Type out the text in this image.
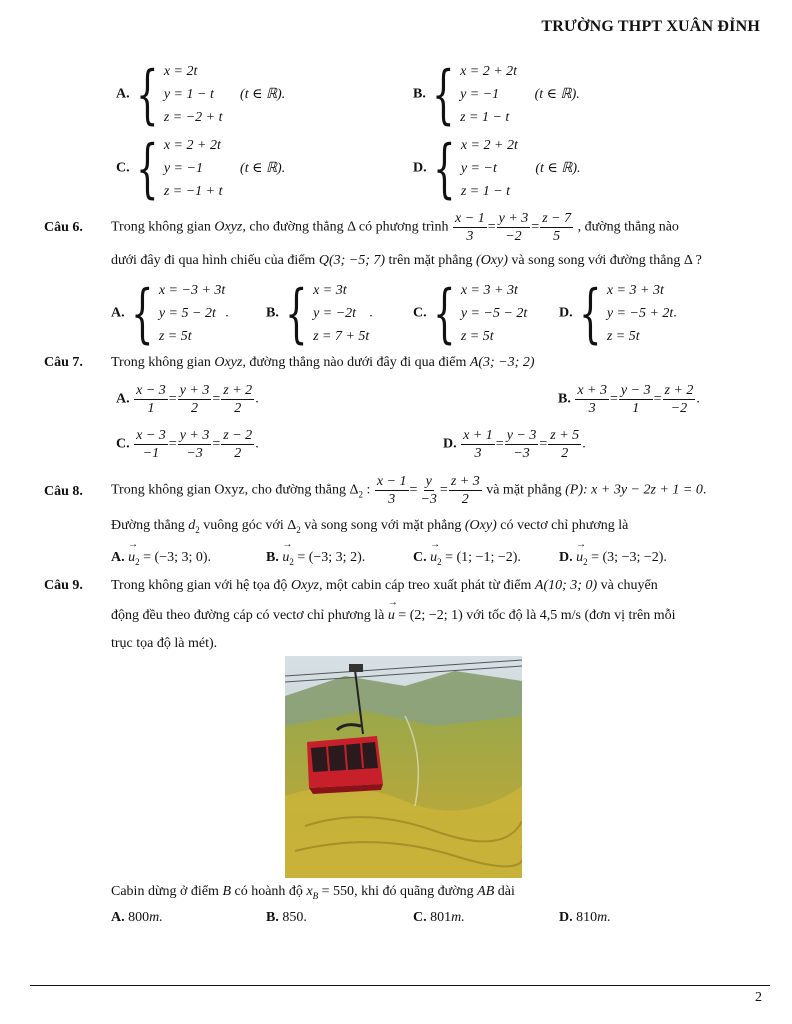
TRƯỜNG THPT XUÂN ĐỈNH
A. { x = 2t
y = 1 − t
z = −2 + t
(t ∈ ℝ).	B. { x = 2 + 2t
y = −1
z = 1 − t
(t ∈ ℝ).
C. { x = 2 + 2t
y = −1
z = −1 + t
(t ∈ ℝ).	D. { x = 2 + 2t
y = −t
z = 1 − t
(t ∈ ℝ).
Câu 6. Trong không gian Oxyz, cho đường thẳng Δ có phương trình $\frac{x - 1}{3} = \frac{y + 3}{-2} = \frac{z - 7}{5}$ , đường thẳng nào
dưới đây đi qua hình chiếu của điểm Q(3; −5; 7) trên mặt phẳng (Oxy) và song song với đường thẳng Δ ?
A. { x = −3 + 3t
y = 5 − 2t
z = 5t
.	B. { x = 3t
y = −2t
z = 7 + 5t
.	C. { x = 3 + 3t
y = −5 − 2t
z = 5t
D. { x = 3 + 3t
y = −5 + 2t
z = 5t
.
Câu 7. Trong không gian Oxyz, đường thẳng nào dưới đây đi qua điểm A(3; −3; 2)
A. $\frac{x - 3}{1} = \frac{y + 3}{2} = \frac{z + 2}{2}$ .	B. $\frac{x + 3}{3} = \frac{y - 3}{1} = \frac{z + 2}{-2}$ .
C. $\frac{x - 3}{-1} = \frac{y + 3}{-3} = \frac{z - 2}{2}$ .	D. $\frac{x + 1}{3} = \frac{y - 3}{-3} = \frac{z + 5}{2}$ .
Câu 8. Trong không gian Oxyz, cho đường thẳng $\Delta_2$ : $\frac{x - 1}{3} = \frac{y}{-3} = \frac{z + 3}{2}$ và mặt phẳng (P): x + 3y − 2z + 1 = 0.
Đường thẳng $d_2$ vuông góc với $\Delta_2$ và song song với mặt phẳng (Oxy) có vectơ chỉ phương là
A. → $u_2 = (-3$; 3; 0).	B. → $u_2 = (-3$; 3; 2).	C. → $u_2 = (1$; −1; −2).	D. → $u_2 = (3$; −3; −2).
Câu 9. Trong không gian với hệ tọa độ Oxyz, một cabin cáp treo xuất phát từ điểm A(10; 3; 0) và chuyển
động đều theo đường cáp có vectơ chỉ phương là → u = (2; −2; 1) với tốc độ là 4,5 m/s (đơn vị trên mỗi
trục tọa độ là mét).
Cabin dừng ở điểm B có hoành độ $x_B = 550$, khi đó quãng đường AB dài
A. 800m.	B. 850.	C. 801m.	D. 810m.
2
